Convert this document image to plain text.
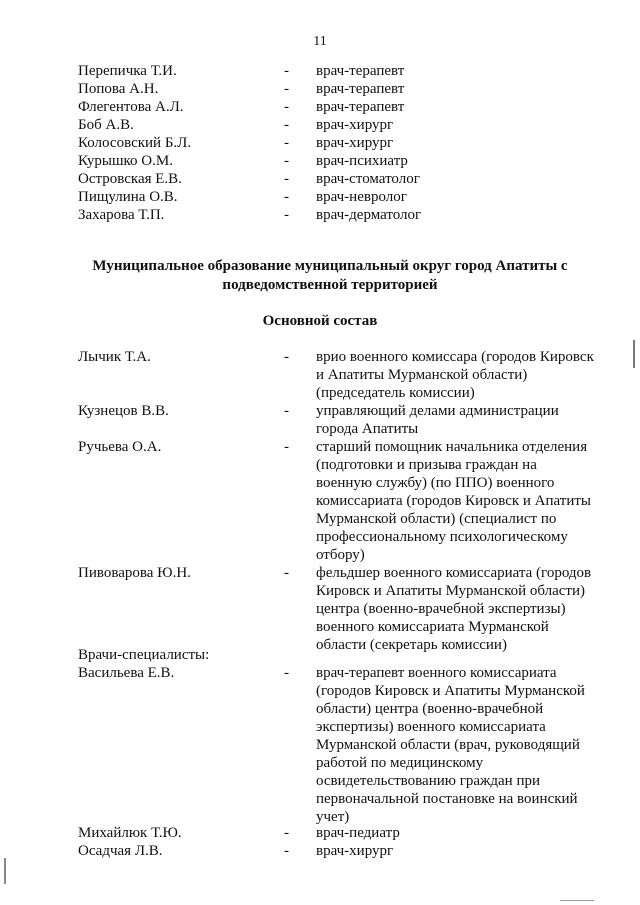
11
Перепичка Т.И.	- врач-терапевт
Попова А.Н.	- врач-терапевт
Флегентова А.Л.	- врач-терапевт
Боб А.В.	- врач-хирург
Колосовский Б.Л.	- врач-хирург
Курышко О.М.	- врач-психиатр
Островская Е.В.	- врач-стоматолог
Пищулина О.В.	- врач-невролог
Захарова Т.П.	- врач-дерматолог
Муниципальное образование муниципальный округ город Апатиты с подведомственной территорией
Основной состав
Лычик Т.А.	- врио военного комиссара (городов Кировск и Апатиты Мурманской области) (председатель комиссии)
Кузнецов В.В.	- управляющий делами администрации города Апатиты
Ручьева О.А.	- старший помощник начальника отделения (подготовки и призыва граждан на военную службу) (по ППО) военного комиссариата (городов Кировск и Апатиты Мурманской области) (специалист по профессиональному психологическому отбору)
Пивоварова Ю.Н.	- фельдшер военного комиссариата (городов Кировск и Апатиты Мурманской области) центра (военно-врачебной экспертизы) военного комиссариата Мурманской области (секретарь комиссии)
Врачи-специалисты:
Васильева Е.В.	- врач-терапевт военного комиссариата (городов Кировск и Апатиты Мурманской области) центра (военно-врачебной экспертизы) военного комиссариата Мурманской области (врач, руководящий работой по медицинскому освидетельствованию граждан при первоначальной постановке на воинский учет)
Михайлюк Т.Ю.	- врач-педиатр
Осадчая Л.В.	- врач-хирург
